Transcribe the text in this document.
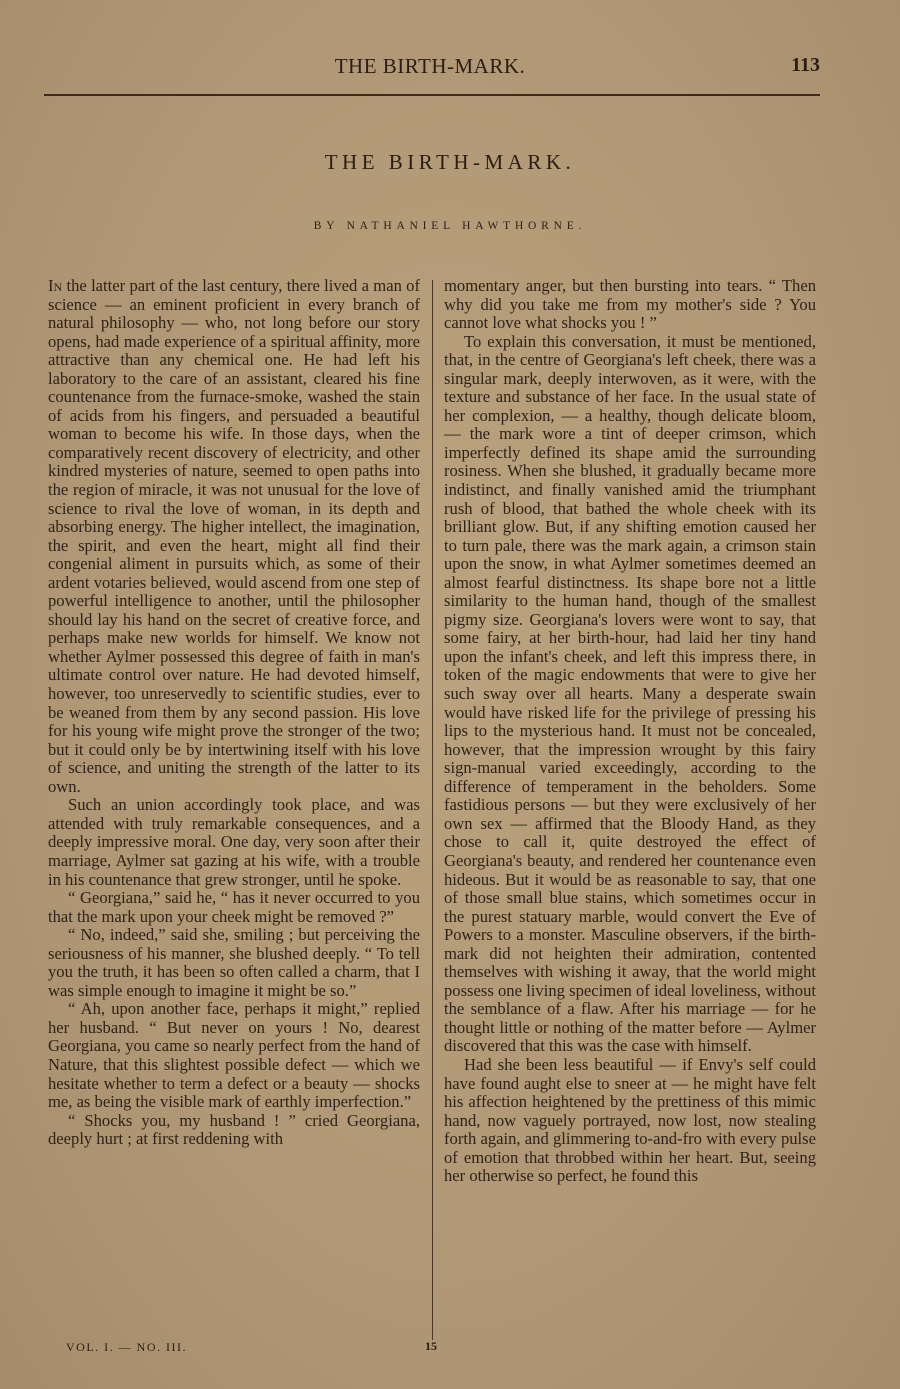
THE BIRTH-MARK.	113
THE BIRTH-MARK.
BY NATHANIEL HAWTHORNE.

In the latter part of the last century, there lived a man of science — an eminent proficient in every branch of natural philosophy — who, not long before our story opens, had made experience of a spiritual affinity, more attractive than any chemical one. He had left his laboratory to the care of an assistant, cleared his fine countenance from the furnace-smoke, washed the stain of acids from his fingers, and persuaded a beautiful woman to become his wife. In those days, when the comparatively recent discovery of electricity, and other kindred mysteries of nature, seemed to open paths into the region of miracle, it was not unusual for the love of science to rival the love of woman, in its depth and absorbing energy. The higher intellect, the imagination, the spirit, and even the heart, might all find their congenial aliment in pursuits which, as some of their ardent votaries believed, would ascend from one step of powerful intelligence to another, until the philosopher should lay his hand on the secret of creative force, and perhaps make new worlds for himself. We know not whether Aylmer possessed this degree of faith in man's ultimate control over nature. He had devoted himself, however, too unreservedly to scientific studies, ever to be weaned from them by any second passion. His love for his young wife might prove the stronger of the two; but it could only be by intertwining itself with his love of science, and uniting the strength of the latter to its own.

Such an union accordingly took place, and was attended with truly remarkable consequences, and a deeply impressive moral. One day, very soon after their marriage, Aylmer sat gazing at his wife, with a trouble in his countenance that grew stronger, until he spoke.

“ Georgiana,” said he, “ has it never occurred to you that the mark upon your cheek might be removed ?”

“ No, indeed,” said she, smiling ; but perceiving the seriousness of his manner, she blushed deeply. “ To tell you the truth, it has been so often called a charm, that I was simple enough to imagine it might be so.”

“ Ah, upon another face, perhaps it might,” replied her husband. “ But never on yours ! No, dearest Georgiana, you came so nearly perfect from the hand of Nature, that this slightest possible defect — which we hesitate whether to term a defect or a beauty — shocks me, as being the visible mark of earthly imperfection.”

“ Shocks you, my husband ! ” cried Georgiana, deeply hurt ; at first reddening with

momentary anger, but then bursting into tears. “ Then why did you take me from my mother's side ? You cannot love what shocks you ! ”

To explain this conversation, it must be mentioned, that, in the centre of Georgiana's left cheek, there was a singular mark, deeply interwoven, as it were, with the texture and substance of her face. In the usual state of her complexion, — a healthy, though delicate bloom, — the mark wore a tint of deeper crimson, which imperfectly defined its shape amid the surrounding rosiness. When she blushed, it gradually became more indistinct, and finally vanished amid the triumphant rush of blood, that bathed the whole cheek with its brilliant glow. But, if any shifting emotion caused her to turn pale, there was the mark again, a crimson stain upon the snow, in what Aylmer sometimes deemed an almost fearful distinctness. Its shape bore not a little similarity to the human hand, though of the smallest pigmy size. Georgiana's lovers were wont to say, that some fairy, at her birth-hour, had laid her tiny hand upon the infant's cheek, and left this impress there, in token of the magic endowments that were to give her such sway over all hearts. Many a desperate swain would have risked life for the privilege of pressing his lips to the mysterious hand. It must not be concealed, however, that the impression wrought by this fairy sign-manual varied exceedingly, according to the difference of temperament in the beholders. Some fastidious persons — but they were exclusively of her own sex — affirmed that the Bloody Hand, as they chose to call it, quite destroyed the effect of Georgiana's beauty, and rendered her countenance even hideous. But it would be as reasonable to say, that one of those small blue stains, which sometimes occur in the purest statuary marble, would convert the Eve of Powers to a monster. Masculine observers, if the birth-mark did not heighten their admiration, contented themselves with wishing it away, that the world might possess one living specimen of ideal loveliness, without the semblance of a flaw. After his marriage — for he thought little or nothing of the matter before — Aylmer discovered that this was the case with himself.

Had she been less beautiful — if Envy's self could have found aught else to sneer at — he might have felt his affection heightened by the prettiness of this mimic hand, now vaguely portrayed, now lost, now stealing forth again, and glimmering to-and-fro with every pulse of emotion that throbbed within her heart. But, seeing her otherwise so perfect, he found this

VOL. I. — NO. III.	15
